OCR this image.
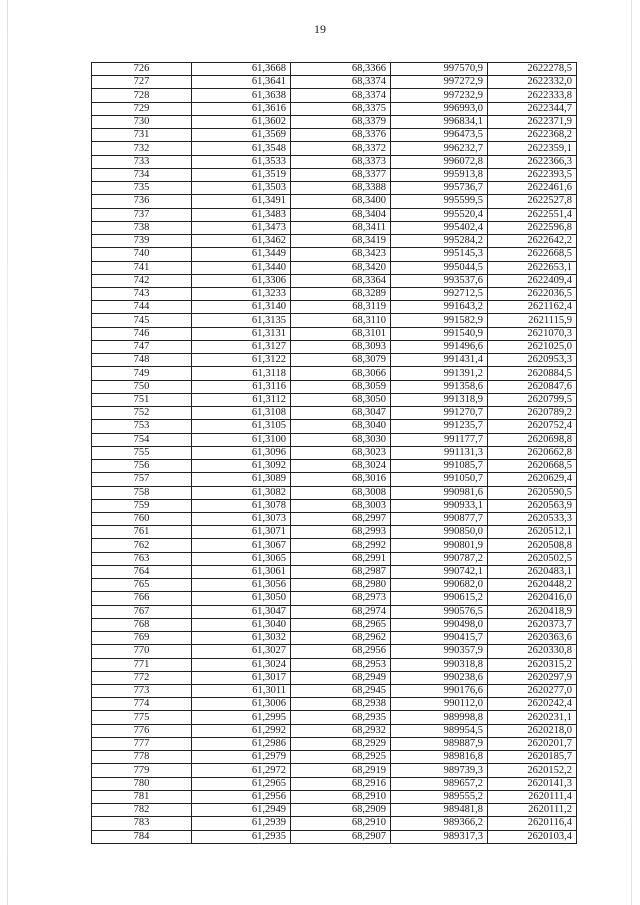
19
726	61,3668	68,3366	997570,9	2622278,5
727	61,3641	68,3374	997272,9	2622332,0
728	61,3638	68,3374	997232,9	2622333,8
729	61,3616	68,3375	996993,0	2622344,7
730	61,3602	68,3379	996834,1	2622371,9
731	61,3569	68,3376	996473,5	2622368,2
732	61,3548	68,3372	996232,7	2622359,1
733	61,3533	68,3373	996072,8	2622366,3
734	61,3519	68,3377	995913,8	2622393,5
735	61,3503	68,3388	995736,7	2622461,6
736	61,3491	68,3400	995599,5	2622527,8
737	61,3483	68,3404	995520,4	2622551,4
738	61,3473	68,3411	995402,4	2622596,8
739	61,3462	68,3419	995284,2	2622642,2
740	61,3449	68,3423	995145,3	2622668,5
741	61,3440	68,3420	995044,5	2622653,1
742	61,3306	68,3364	993537,6	2622409,4
743	61,3233	68,3289	992712,5	2622036,5
744	61,3140	68,3119	991643,2	2621162,4
745	61,3135	68,3110	991582,9	2621115,9
746	61,3131	68,3101	991540,9	2621070,3
747	61,3127	68,3093	991496,6	2621025,0
748	61,3122	68,3079	991431,4	2620953,3
749	61,3118	68,3066	991391,2	2620884,5
750	61,3116	68,3059	991358,6	2620847,6
751	61,3112	68,3050	991318,9	2620799,5
752	61,3108	68,3047	991270,7	2620789,2
753	61,3105	68,3040	991235,7	2620752,4
754	61,3100	68,3030	991177,7	2620698,8
755	61,3096	68,3023	991131,3	2620662,8
756	61,3092	68,3024	991085,7	2620668,5
757	61,3089	68,3016	991050,7	2620629,4
758	61,3082	68,3008	990981,6	2620590,5
759	61,3078	68,3003	990933,1	2620563,9
760	61,3073	68,2997	990877,7	2620533,3
761	61,3071	68,2993	990850,0	2620512,1
762	61,3067	68,2992	990801,9	2620508,8
763	61,3065	68,2991	990787,2	2620502,5
764	61,3061	68,2987	990742,1	2620483,1
765	61,3056	68,2980	990682,0	2620448,2
766	61,3050	68,2973	990615,2	2620416,0
767	61,3047	68,2974	990576,5	2620418,9
768	61,3040	68,2965	990498,0	2620373,7
769	61,3032	68,2962	990415,7	2620363,6
770	61,3027	68,2956	990357,9	2620330,8
771	61,3024	68,2953	990318,8	2620315,2
772	61,3017	68,2949	990238,6	2620297,9
773	61,3011	68,2945	990176,6	2620277,0
774	61,3006	68,2938	990112,0	2620242,4
775	61,2995	68,2935	989998,8	2620231,1
776	61,2992	68,2932	989954,5	2620218,0
777	61,2986	68,2929	989887,9	2620201,7
778	61,2979	68,2925	989816,8	2620185,7
779	61,2972	68,2919	989739,3	2620152,2
780	61,2965	68,2916	989657,2	2620141,3
781	61,2956	68,2910	989555,2	2620111,4
782	61,2949	68,2909	989481,8	2620111,2
783	61,2939	68,2910	989366,2	2620116,4
784	61,2935	68,2907	989317,3	2620103,4
